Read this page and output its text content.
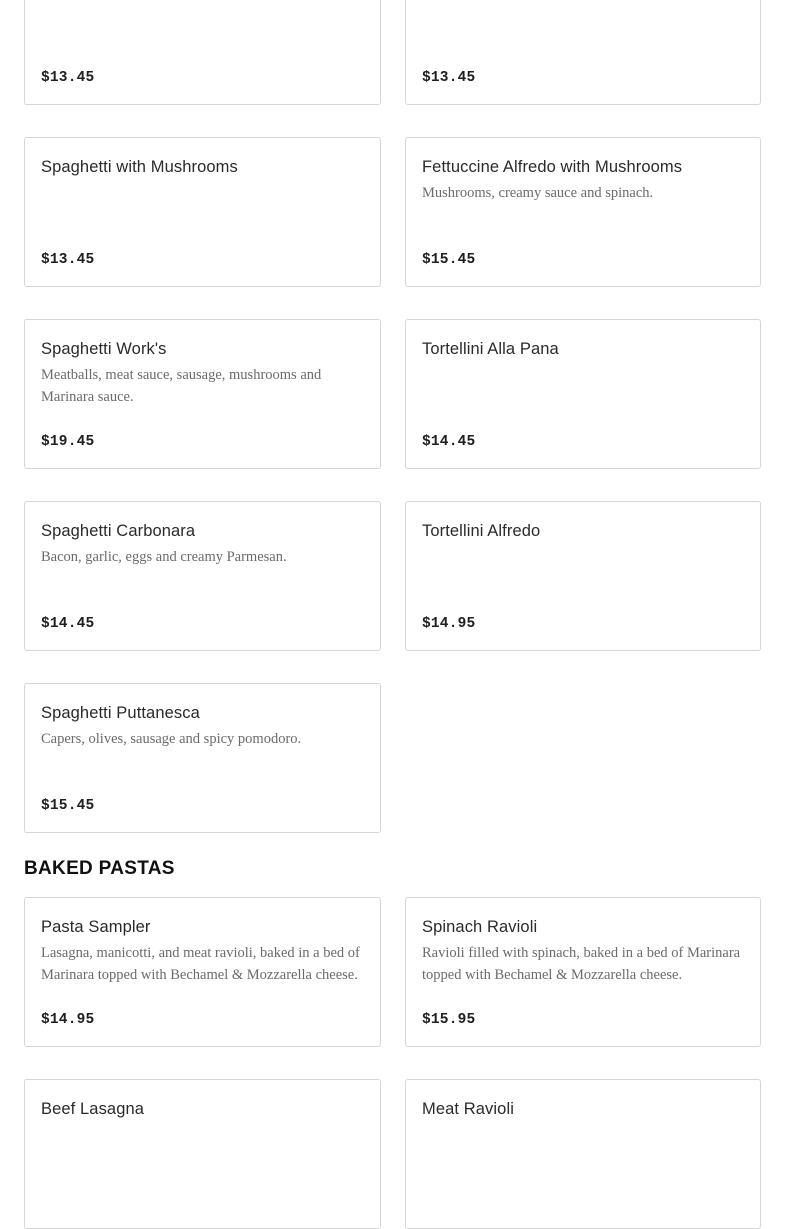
$13.45	$13.45
Spaghetti with Mushrooms
$13.45
Fettuccine Alfredo with Mushrooms
Mushrooms, creamy sauce and spinach.
$15.45
Spaghetti Work's
Meatballs, meat sauce, sausage, mushrooms and Marinara sauce.
$19.45
Tortellini Alla Pana
$14.45
Spaghetti Carbonara
Bacon, garlic, eggs and creamy Parmesan.
$14.45
Tortellini Alfredo
$14.95
Spaghetti Puttanesca
Capers, olives, sausage and spicy pomodoro.
$15.45
BAKED PASTAS
Pasta Sampler
Lasagna, manicotti, and meat ravioli, baked in a bed of Marinara topped with Bechamel & Mozzarella cheese.
$14.95
Spinach Ravioli
Ravioli filled with spinach, baked in a bed of Marinara topped with Bechamel & Mozzarella cheese.
$15.95
Beef Lasagna	Meat Ravioli
